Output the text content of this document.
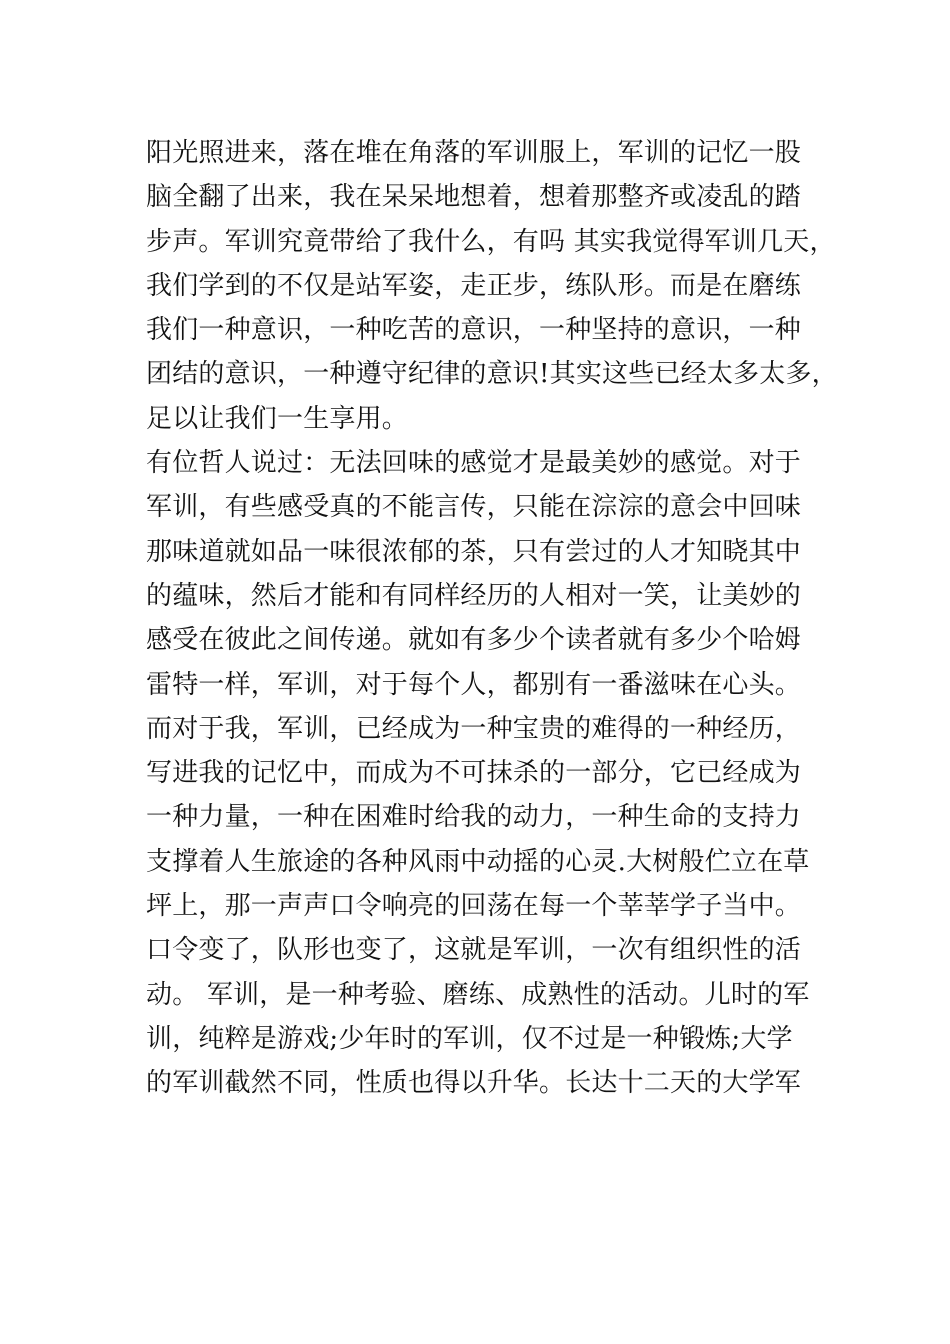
阳光照进来，落在堆在角落的军训服上，军训的记忆一股
脑全翻了出来，我在呆呆地想着，想着那整齐或凌乱的踏
步声。军训究竟带给了我什么，有吗 其实我觉得军训几天，
我们学到的不仅是站军姿，走正步，练队形。而是在磨练
我们一种意识，一种吃苦的意识，一种坚持的意识，一种
团结的意识，一种遵守纪律的意识!其实这些已经太多太多，
足以让我们一生享用。
有位哲人说过：无法回味的感觉才是最美妙的感觉。对于
军训，有些感受真的不能言传，只能在淙淙的意会中回味
那味道就如品一味很浓郁的茶，只有尝过的人才知晓其中
的蕴味，然后才能和有同样经历的人相对一笑，让美妙的
感受在彼此之间传递。就如有多少个读者就有多少个哈姆
雷特一样，军训，对于每个人，都别有一番滋味在心头。
而对于我，军训，已经成为一种宝贵的难得的一种经历，
写进我的记忆中，而成为不可抹杀的一部分，它已经成为
一种力量，一种在困难时给我的动力，一种生命的支持力
支撑着人生旅途的各种风雨中动摇的心灵.大树般伫立在草
坪上，那一声声口令响亮的回荡在每一个莘莘学子当中。
口令变了，队形也变了，这就是军训，一次有组织性的活
动。 军训，是一种考验、磨练、成熟性的活动。儿时的军
训，纯粹是游戏;少年时的军训，仅不过是一种锻炼;大学
的军训截然不同，性质也得以升华。长达十二天的大学军
